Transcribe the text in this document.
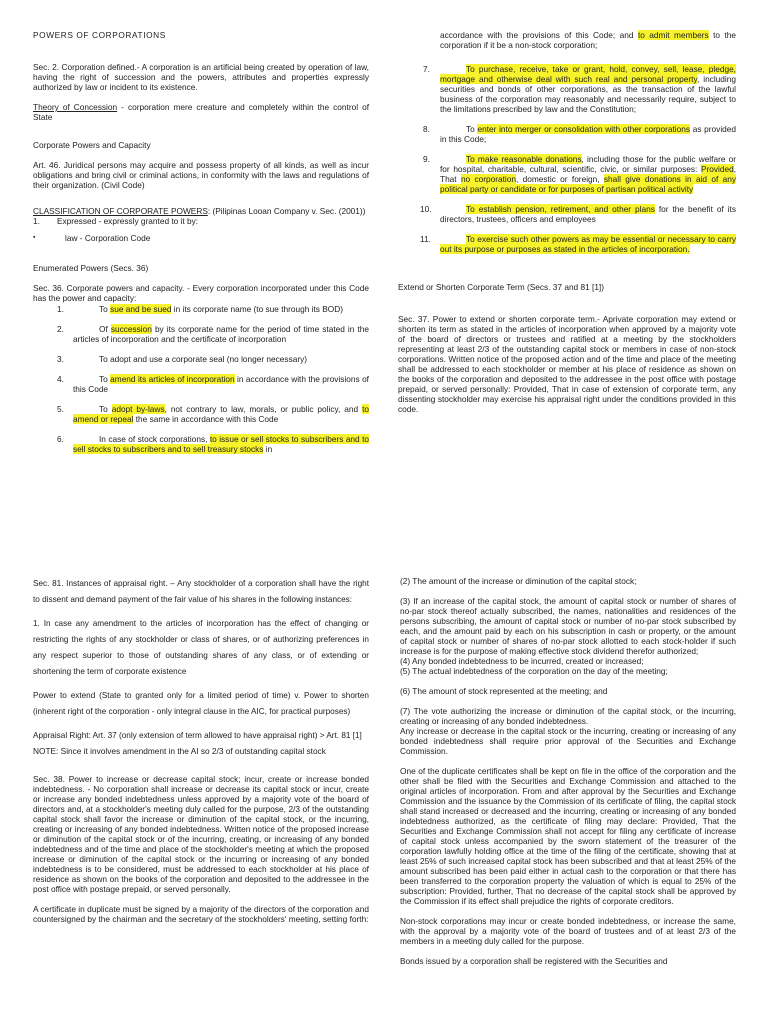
POWERS OF CORPORATIONS

Sec. 2. Corporation defined.- A corporation is an artificial being created by operation of law, having the right of succession and the powers, attributes and properties expressly authorized by law or incident to its existence.

Theory of Concession - corporation mere creature and completely within the control of State

Corporate Powers and Capacity

Art. 46. Juridical persons may acquire and possess property of all kinds, as well as incur obligations and bring civil or criminal actions, in conformity with the laws and regulations of their organization. (Civil Code)

CLASSIFICATION OF CORPORATE POWERS: (Pilipinas Looan Company v. Sec. (2001))

1. Expressed - expressly granted to it by:
▪	law - Corporation Code
Enumerated Powers (Secs. 36)

Sec. 36. Corporate powers and capacity. - Every corporation incorporated under this Code has the power and capacity:

1.	To sue and be sued in its corporate name (to sue through its BOD)

2.	Of succession by its corporate name for the period of time stated in the articles of incorporation and the certificate of incorporation

3.	To adopt and use a corporate seal (no longer necessary)

4.	To amend its articles of incorporation in accordance with the provisions of this Code

5.	To adopt by-laws, not contrary to law, morals, or public policy, and to amend or repeal the same in accordance with this Code

6.	In case of stock corporations, to issue or sell stocks to subscribers and to sell stocks to subscribers and to sell treasury stocks in

accordance with the provisions of this Code; and to admit members to the corporation if it be a non-stock corporation;

7.	To purchase, receive, take or grant, hold, convey, sell, lease, pledge, mortgage and otherwise deal with such real and personal property, including securities and bonds of other corporations, as the transaction of the lawful business of the corporation may reasonably and necessarily require, subject to the limitations prescribed by law and the Constitution;

8.	To enter into merger or consolidation with other corporations as provided in this Code;

9.	To make reasonable donations, including those for the public welfare or for hospital, charitable, cultural, scientific, civic, or similar purposes: Provided, That no corporation, domestic or foreign, shall give donations in aid of any political party or candidate or for purposes of partisan political activity

10.	To establish pension, retirement, and other plans for the benefit of its directors, trustees, officers and employees

11.	To exercise such other powers as may be essential or necessary to carry out its purpose or purposes as stated in the articles of incorporation.

Extend or Shorten Corporate Term (Secs. 37 and 81 [1])

Sec. 37. Power to extend or shorten corporate term.- Aprivate corporation may extend or shorten its term as stated in the articles of incorporation when approved by a majority vote of the board of directors or trustees and ratified at a meeting by the stockholders representing at least 2/3 of the outstanding capital stock or members in case of non-stock corporations. Written notice of the proposed action and of the time and place of the meeting shall be addressed to each stockholder or member at his place of residence as shown on the books of the corporation and deposited to the addressee in the post office with postage prepaid, or served personally: Provided, That in case of extension of corporate term, any dissenting stockholder may exercise his appraisal right under the conditions provided in this code.

Sec. 81. Instances of appraisal right. – Any stockholder of a corporation shall have the right to dissent and demand payment of the fair value of his shares in the following instances:

1. In case any amendment to the articles of incorporation has the effect of changing or restricting the rights of any stockholder or class of shares, or of authorizing preferences in any respect superior to those of outstanding shares of any class, or of extending or shortening the term of corporate existence

Power to extend (State to granted only for a limited period of time) v. Power to shorten (inherent right of the corporation - only integral clause in the AIC, for practical purposes)

Appraisal Right: Art. 37 (only extension of term allowed to have appraisal right) > Art. 81 [1]

NOTE: Since it involves amendment in the AI so 2/3 of outstanding capital stock

Sec. 38. Power to increase or decrease capital stock; incur, create or increase bonded indebtedness. - No corporation shall increase or decrease its capital stock or incur, create or increase any bonded indebtedness unless approved by a majority vote of the board of directors and, at a stockholder's meeting duly called for the purpose, 2/3 of the outstanding capital stock shall favor the increase or diminution of the capital stock, or the incurring, creating or increasing of any bonded indebtedness. Written notice of the proposed increase or diminution of the capital stock or of the incurring, creating, or increasing of any bonded indebtedness and of the time and place of the stockholder's meeting at which the proposed increase or diminution of the capital stock or the incurring or increasing of any bonded indebtedness is to be considered, must be addressed to each stockholder at his place of residence as shown on the books of the corporation and deposited to the addressee in the post office with postage prepaid, or served personally.

A certificate in duplicate must be signed by a majority of the directors of the corporation and countersigned by the chairman and the secretary of the stockholders' meeting, setting forth:

(2) The amount of the increase or diminution of the capital stock;

(3) If an increase of the capital stock, the amount of capital stock or number of shares of no-par stock thereof actually subscribed, the names, nationalities and residences of the persons subscribing, the amount of capital stock or number of no-par stock subscribed by each, and the amount paid by each on his subscription in cash or property, or the amount of capital stock or number of shares of no-par stock allotted to each stock-holder if such increase is for the purpose of making effective stock dividend therefor authorized;

(4) Any bonded indebtedness to be incurred, created or increased;

(5) The actual indebtedness of the corporation on the day of the meeting;

(6) The amount of stock represented at the meeting; and

(7) The vote authorizing the increase or diminution of the capital stock, or the incurring, creating or increasing of any bonded indebtedness.

Any increase or decrease in the capital stock or the incurring, creating or increasing of any bonded indebtedness shall require prior approval of the Securities and Exchange Commission.

One of the duplicate certificates shall be kept on file in the office of the corporation and the other shall be filed with the Securities and Exchange Commission and attached to the original articles of incorporation. From and after approval by the Securities and Exchange Commission and the issuance by the Commission of its certificate of filing, the capital stock shall stand increased or decreased and the incurring, creating or increasing of any bonded indebtedness authorized, as the certificate of filing may declare: Provided, That the Securities and Exchange Commission shall not accept for filing any certificate of increase of capital stock unless accompanied by the sworn statement of the treasurer of the corporation lawfully holding office at the time of the filing of the certificate, showing that at least 25% of such increased capital stock has been subscribed and that at least 25% of the amount subscribed has been paid either in actual cash to the corporation or that there has been transferred to the corporation property the valuation of which is equal to 25% of the subscription: Provided, further, That no decrease of the capital stock shall be approved by the Commission if its effect shall prejudice the rights of corporate creditors.

Non-stock corporations may incur or create bonded indebtedness, or increase the same, with the approval by a majority vote of the board of trustees and of at least 2/3 of the members in a meeting duly called for the purpose.

Bonds issued by a corporation shall be registered with the Securities and
